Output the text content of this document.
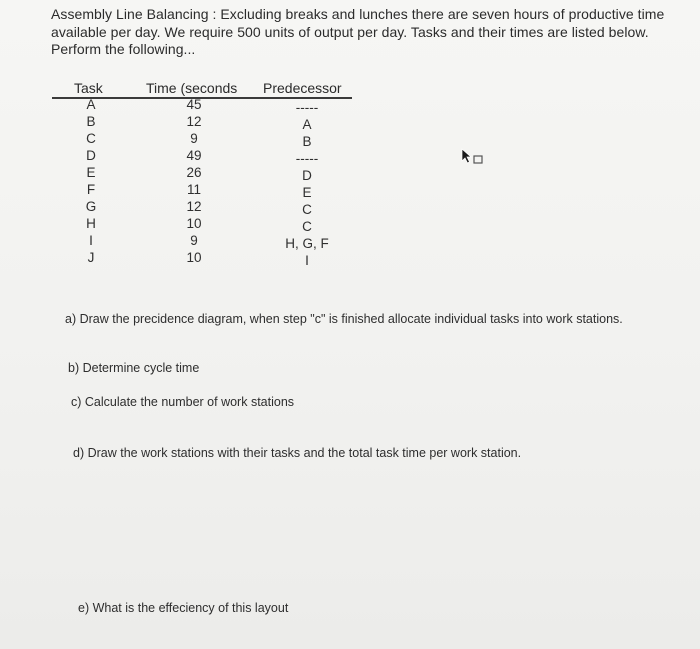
Assembly Line Balancing : Excluding breaks and lunches there are seven hours of productive time
available per day. We require 500 units of output per day. Tasks and their times are listed below.
Perform the following...
Task	Time (seconds Predecessor
A
B
C
D
E
F
G
H
I
J
45
12
9
49
26
11
12
10
9
10
-----
A
B
-----
D
E
C
C
H, G, F
I
a) Draw the precidence diagram, when step "c" is finished allocate individual tasks into work stations.
b) Determine cycle time
c) Calculate the number of work stations
d) Draw the work stations with their tasks and the total task time per work station.
e) What is the effeciency of this layout
